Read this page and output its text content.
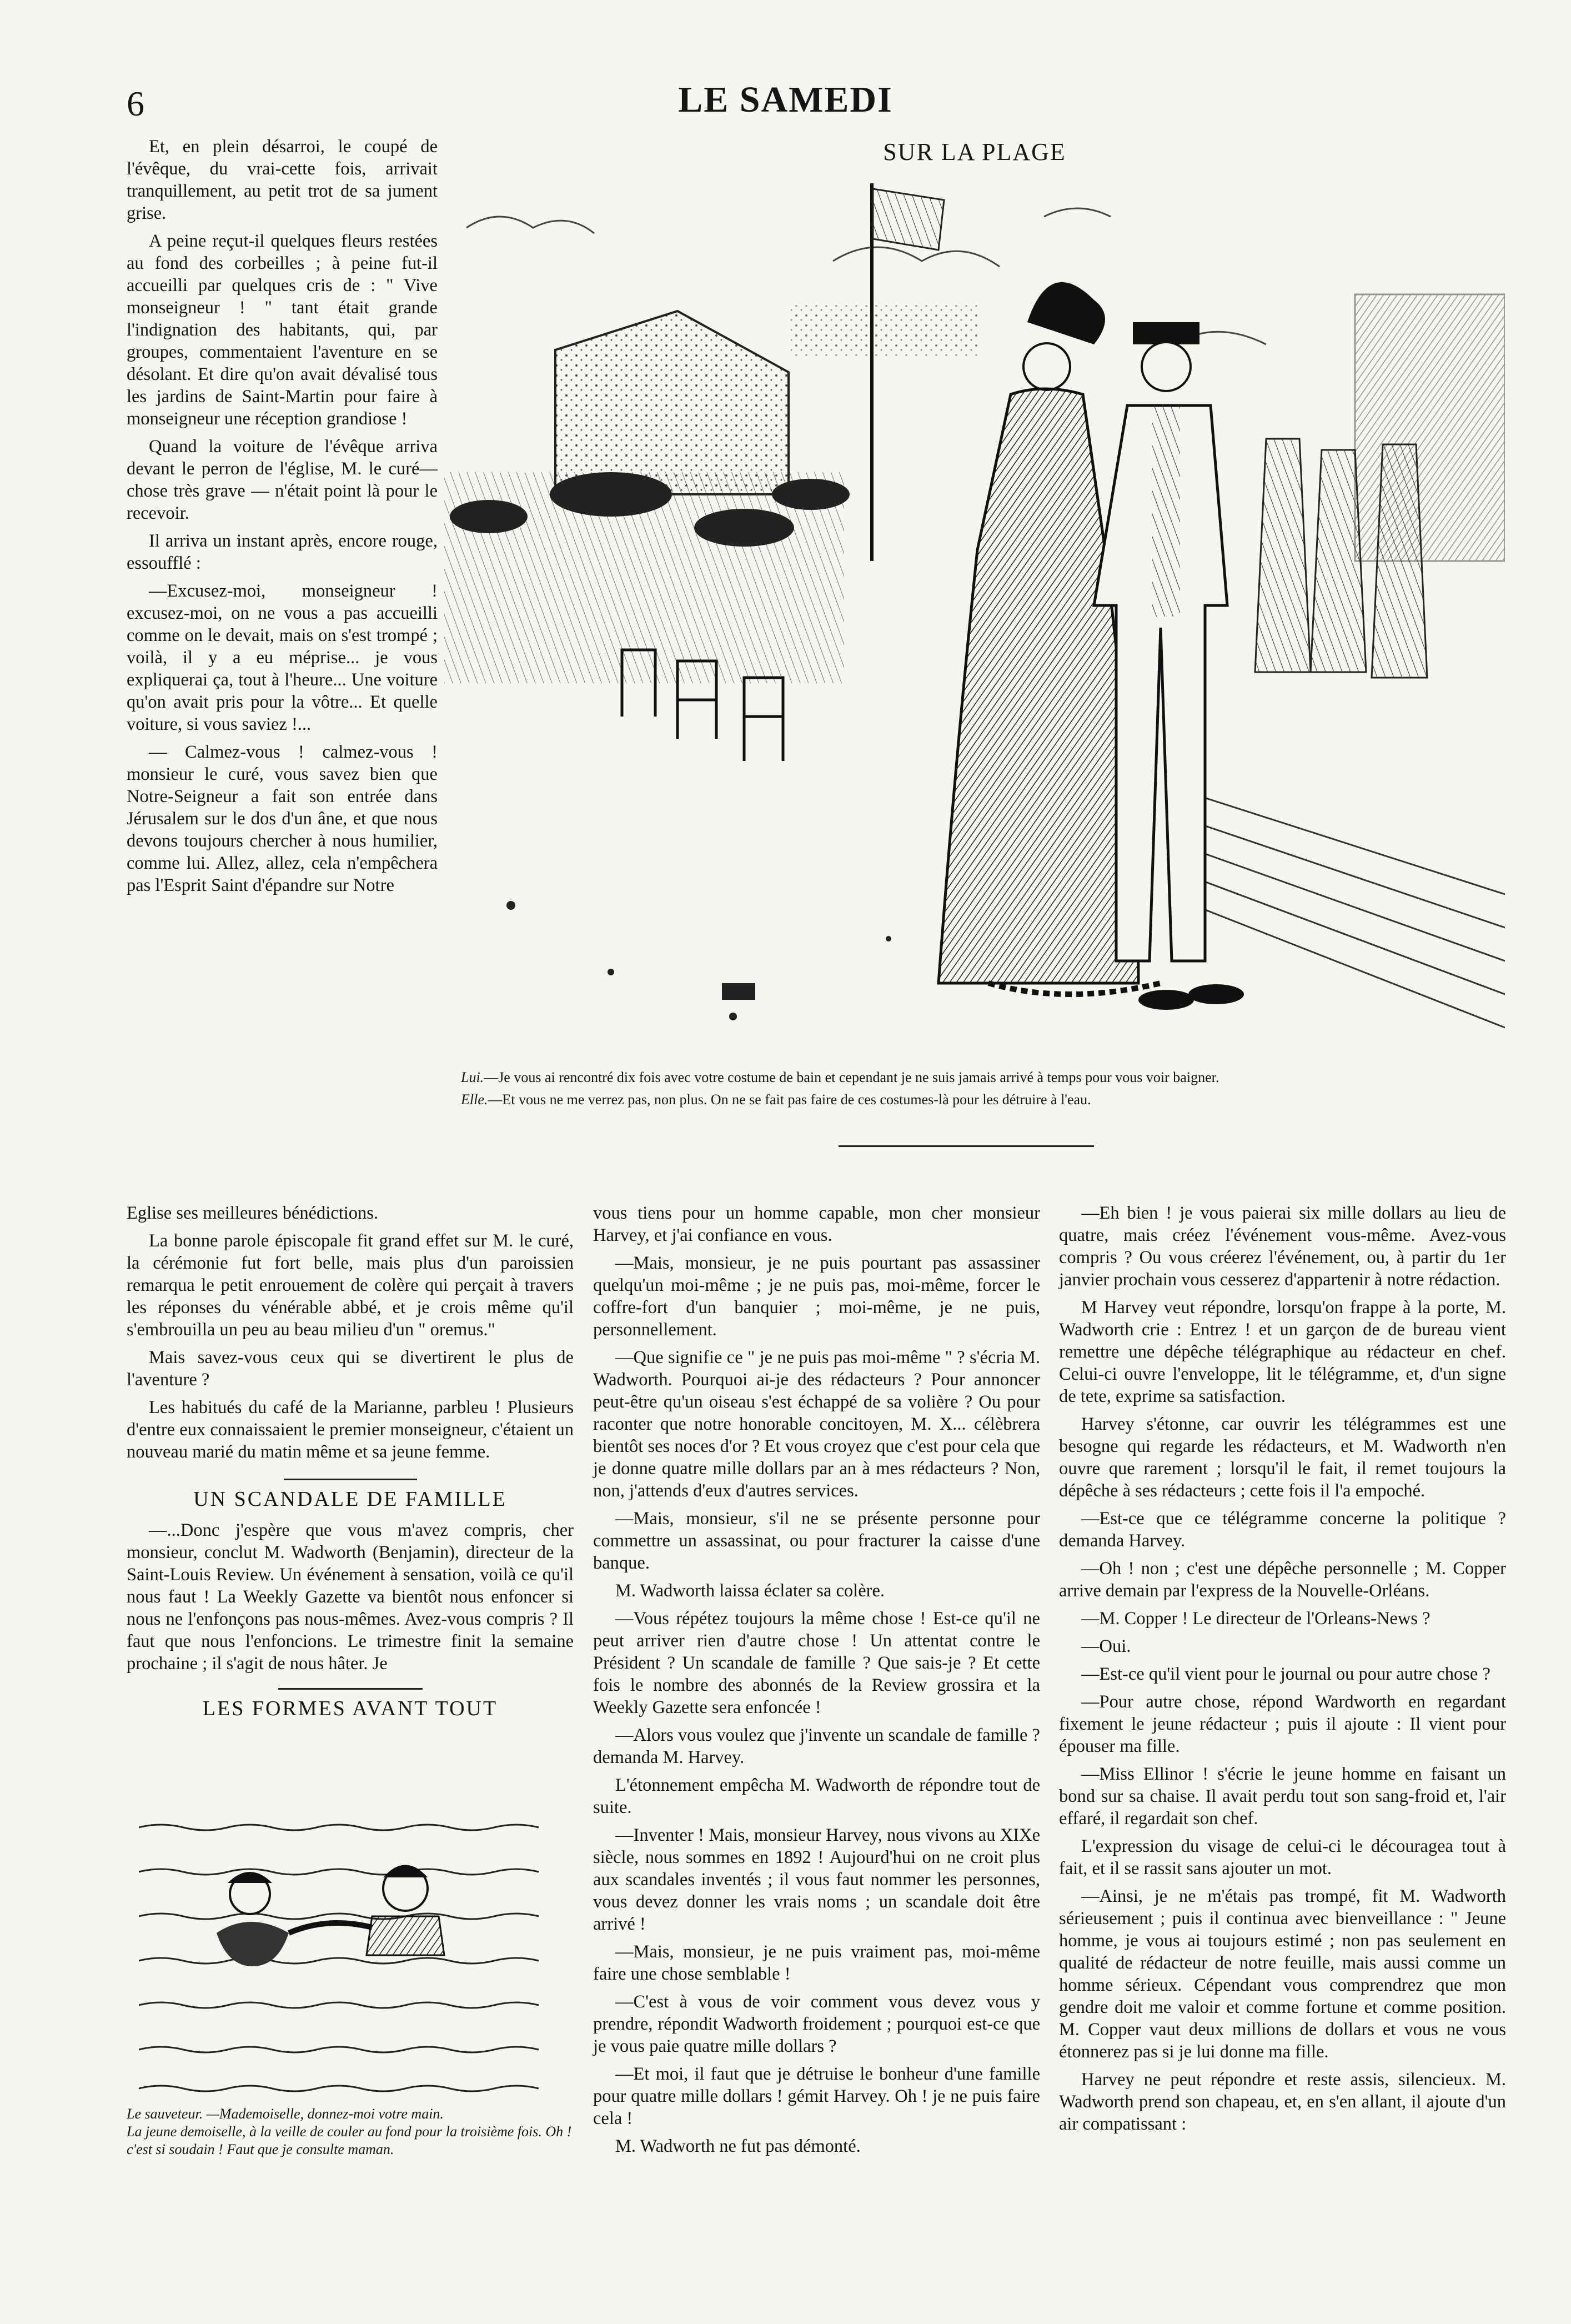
6	LE SAMEDI

Et, en plein désarroi, le coupé de l'évêque, du vrai-cette fois, arrivait tranquillement, au petit trot de sa jument grise.

A peine reçut-il quelques fleurs restées au fond des corbeilles ; à peine fut-il accueilli par quelques cris de : " Vive monseigneur ! " tant était grande l'indignation des habitants, qui, par groupes, commentaient l'aventure en se désolant. Et dire qu'on avait dévalisé tous les jardins de Saint-Martin pour faire à monseigneur une réception grandiose !

Quand la voiture de l'évêque arriva devant le perron de l'église, M. le curé—chose très grave — n'était point là pour le recevoir.

Il arriva un instant après, encore rouge, essoufflé :

—Excusez-moi, monseigneur ! excusez-moi, on ne vous a pas accueilli comme on le devait, mais on s'est trompé ; voilà, il y a eu méprise... je vous expliquerai ça, tout à l'heure... Une voiture qu'on avait pris pour la vôtre... Et quelle voiture, si vous saviez !...

— Calmez-vous ! calmez-vous ! monsieur le curé, vous savez bien que Notre-Seigneur a fait son entrée dans Jérusalem sur le dos d'un âne, et que nous devons toujours chercher à nous humilier, comme lui. Allez, allez, cela n'empêchera pas l'Esprit Saint d'épandre sur Notre

SUR LA PLAGE

Lui.—Je vous ai rencontré dix fois avec votre costume de bain et cependant je ne suis jamais arrivé à temps pour vous voir baigner.

Elle.—Et vous ne me verrez pas, non plus. On ne se fait pas faire de ces costumes-là pour les détruire à l'eau.

Eglise ses meilleures bénédictions.

La bonne parole épiscopale fit grand effet sur M. le curé, la cérémonie fut fort belle, mais plus d'un paroissien remarqua le petit enrouement de colère qui perçait à travers les réponses du vénérable abbé, et je crois même qu'il s'embrouilla un peu au beau milieu d'un " oremus."

Mais savez-vous ceux qui se divertirent le plus de l'aventure ?

Les habitués du café de la Marianne, parbleu ! Plusieurs d'entre eux connaissaient le premier monseigneur, c'étaient un nouveau marié du matin même et sa jeune femme.

UN SCANDALE DE FAMILLE

—...Donc j'espère que vous m'avez compris, cher monsieur, conclut M. Wadworth (Benjamin), directeur de la Saint-Louis Review. Un événement à sensation, voilà ce qu'il nous faut ! La Weekly Gazette va bientôt nous enfoncer si nous ne l'enfonçons pas nous-mêmes. Avez-vous compris ? Il faut que nous l'enfoncions. Le trimestre finit la semaine prochaine ; il s'agit de nous hâter. Je

LES FORMES AVANT TOUT

Le sauveteur. —Mademoiselle, donnez-moi votre main.

La jeune demoiselle, à la veille de couler au fond pour la troisième fois. Oh ! c'est si soudain ! Faut que je consulte maman.

vous tiens pour un homme capable, mon cher monsieur Harvey, et j'ai confiance en vous.

—Mais, monsieur, je ne puis pourtant pas assassiner quelqu'un moi-même ; je ne puis pas, moi-même, forcer le coffre-fort d'un banquier ; moi-même, je ne puis, personnellement.

—Que signifie ce " je ne puis pas moi-même " ? s'écria M. Wadworth. Pourquoi ai-je des rédacteurs ? Pour annoncer peut-être qu'un oiseau s'est échappé de sa volière ? Ou pour raconter que notre honorable concitoyen, M. X... célèbrera bientôt ses noces d'or ? Et vous croyez que c'est pour cela que je donne quatre mille dollars par an à mes rédacteurs ? Non, non, j'attends d'eux d'autres services.

—Mais, monsieur, s'il ne se présente personne pour commettre un assassinat, ou pour fracturer la caisse d'une banque.

M. Wadworth laissa éclater sa colère.

—Vous répétez toujours la même chose ! Est-ce qu'il ne peut arriver rien d'autre chose ! Un attentat contre le Président ? Un scandale de famille ? Que sais-je ? Et cette fois le nombre des abonnés de la Review grossira et la Weekly Gazette sera enfoncée !

—Alors vous voulez que j'invente un scandale de famille ? demanda M. Harvey.

L'étonnement empêcha M. Wadworth de répondre tout de suite.

—Inventer ! Mais, monsieur Harvey, nous vivons au XIXe siècle, nous sommes en 1892 ! Aujourd'hui on ne croit plus aux scandales inventés ; il vous faut nommer les personnes, vous devez donner les vrais noms ; un scandale doit être arrivé !

—Mais, monsieur, je ne puis vraiment pas, moi-même faire une chose semblable !

—C'est à vous de voir comment vous devez vous y prendre, répondit Wadworth froidement ; pourquoi est-ce que je vous paie quatre mille dollars ?

—Et moi, il faut que je détruise le bonheur d'une famille pour quatre mille dollars ! gémit Harvey. Oh ! je ne puis faire cela !

M. Wadworth ne fut pas démonté.

—Eh bien ! je vous paierai six mille dollars au lieu de quatre, mais créez l'événement vous-même. Avez-vous compris ? Ou vous créerez l'événement, ou, à partir du 1er janvier prochain vous cesserez d'appartenir à notre rédaction.

M Harvey veut répondre, lorsqu'on frappe à la porte, M. Wadworth crie : Entrez ! et un garçon de de bureau vient remettre une dépêche télégraphique au rédacteur en chef. Celui-ci ouvre l'enveloppe, lit le télégramme, et, d'un signe de tete, exprime sa satisfaction.

Harvey s'étonne, car ouvrir les télégrammes est une besogne qui regarde les rédacteurs, et M. Wadworth n'en ouvre que rarement ; lorsqu'il le fait, il remet toujours la dépêche à ses rédacteurs ; cette fois il l'a empoché.

—Est-ce que ce télégramme concerne la politique ? demanda Harvey.

—Oh ! non ; c'est une dépêche personnelle ; M. Copper arrive demain par l'express de la Nouvelle-Orléans.

—M. Copper ! Le directeur de l'Orleans-News ?

—Oui.

—Est-ce qu'il vient pour le journal ou pour autre chose ?

—Pour autre chose, répond Wardworth en regardant fixement le jeune rédacteur ; puis il ajoute : Il vient pour épouser ma fille.

—Miss Ellinor ! s'écrie le jeune homme en faisant un bond sur sa chaise. Il avait perdu tout son sang-froid et, l'air effaré, il regardait son chef.

L'expression du visage de celui-ci le découragea tout à fait, et il se rassit sans ajouter un mot.

—Ainsi, je ne m'étais pas trompé, fit M. Wadworth sérieusement ; puis il continua avec bienveillance : " Jeune homme, je vous ai toujours estimé ; non pas seulement en qualité de rédacteur de notre feuille, mais aussi comme un homme sérieux. Cépendant vous comprendrez que mon gendre doit me valoir et comme fortune et comme position. M. Copper vaut deux millions de dollars et vous ne vous étonnerez pas si je lui donne ma fille.

Harvey ne peut répondre et reste assis, silencieux. M. Wadworth prend son chapeau, et, en s'en allant, il ajoute d'un air compatissant :
